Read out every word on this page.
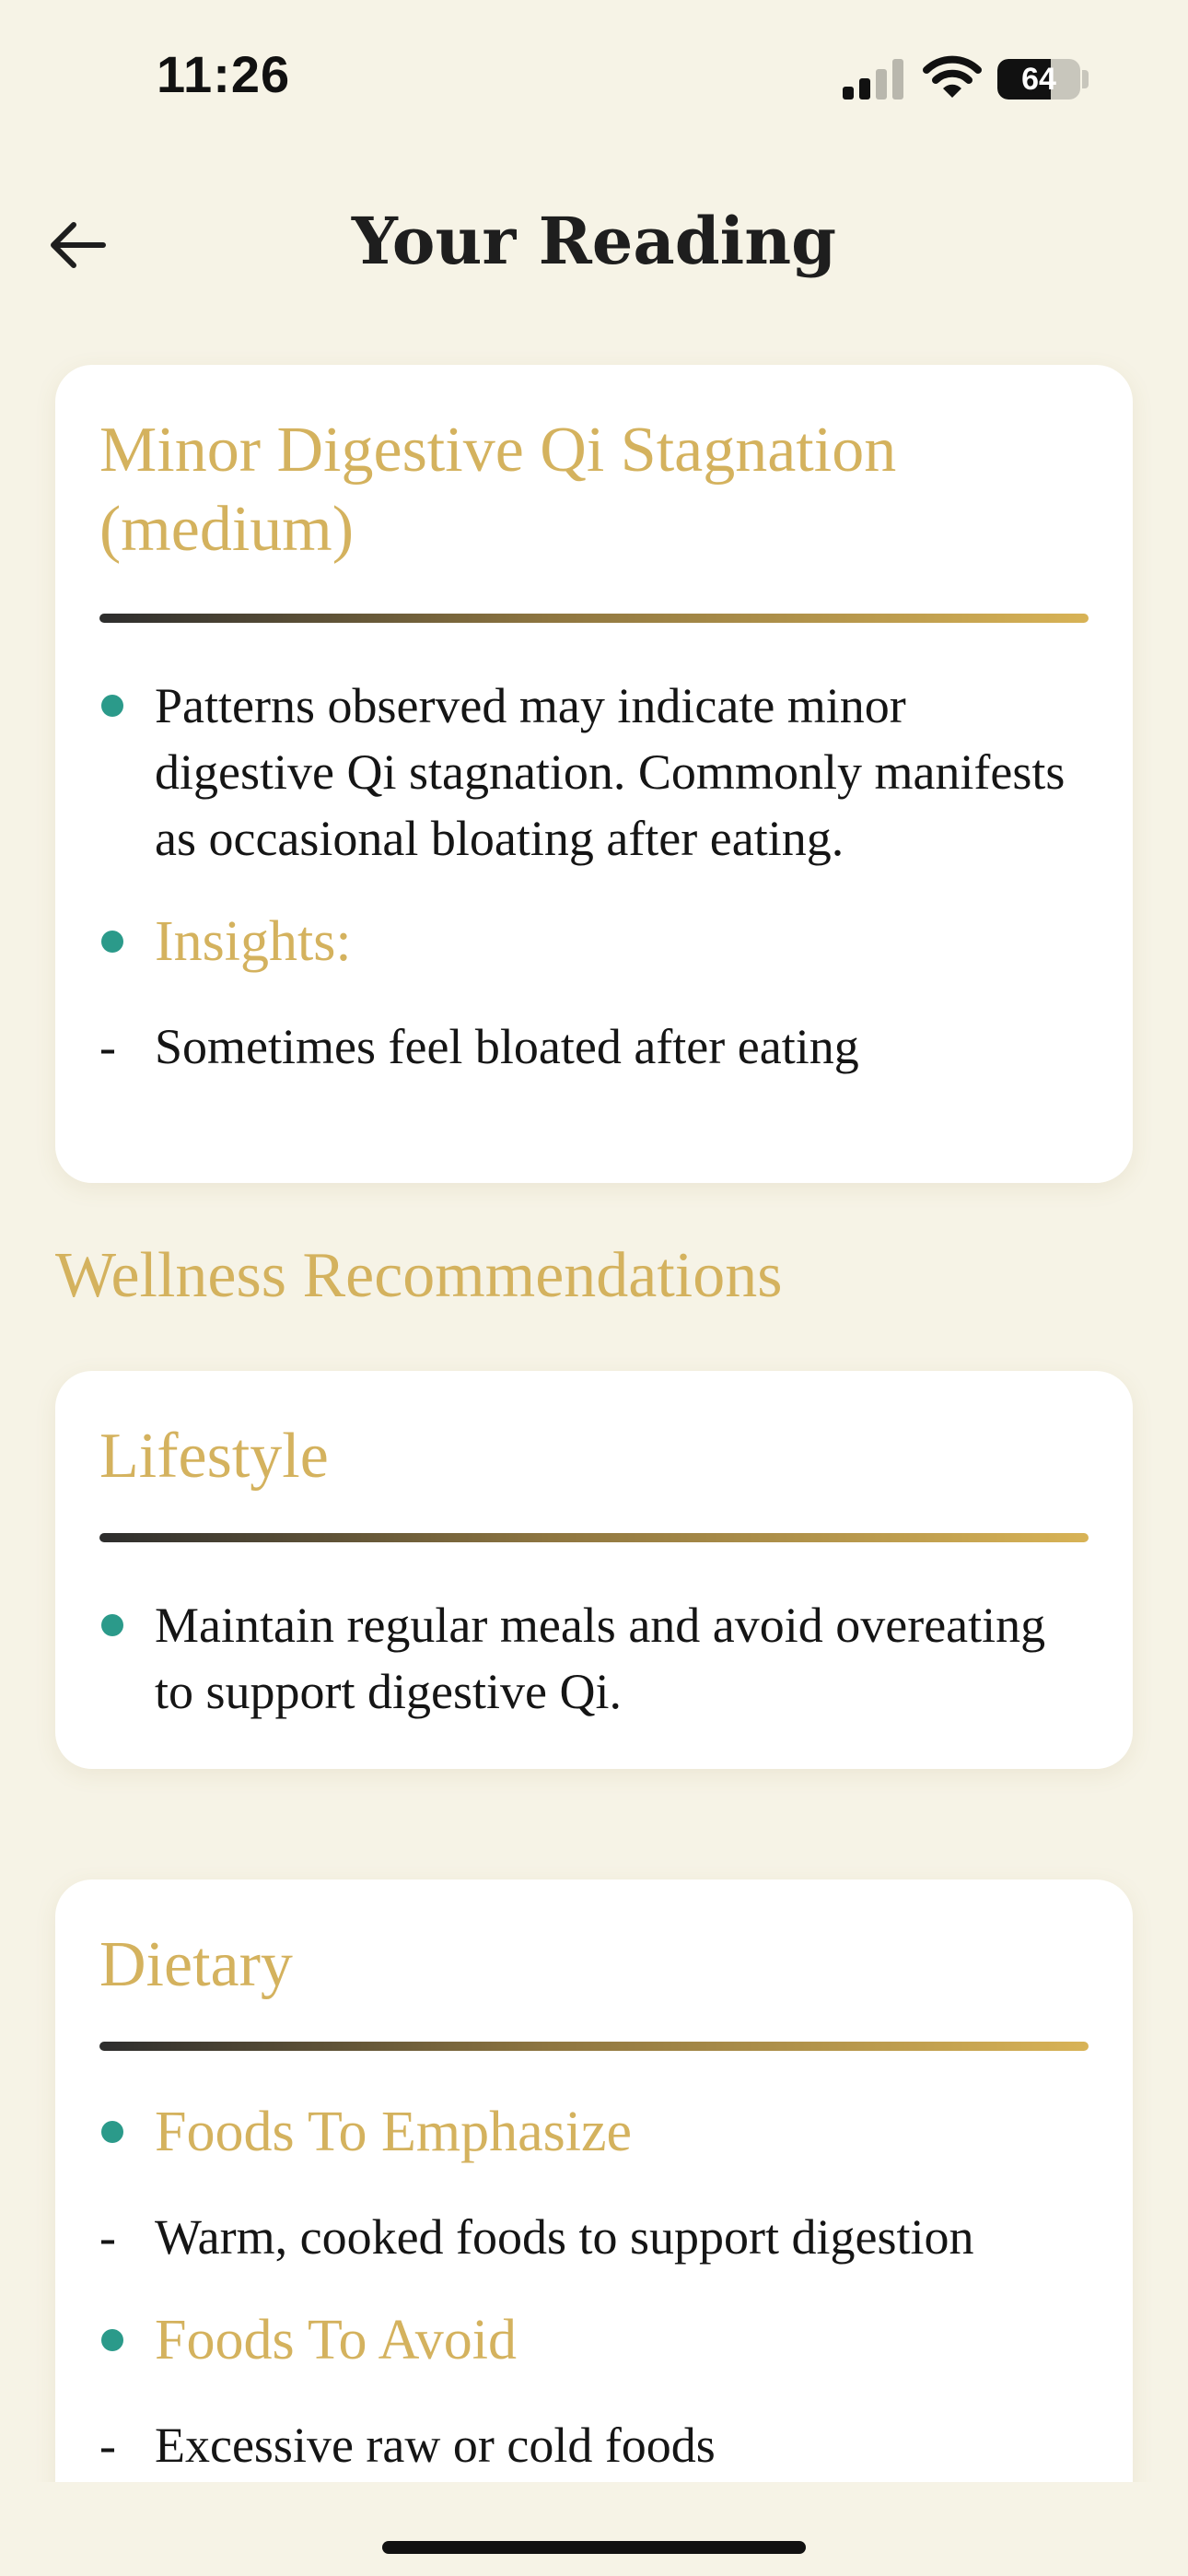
11:26	64
Your Reading
Minor Digestive Qi Stagnation (medium)
Patterns observed may indicate minor digestive Qi stagnation. Commonly manifests as occasional bloating after eating.
Insights:
- Sometimes feel bloated after eating
Wellness Recommendations
Lifestyle
Maintain regular meals and avoid overeating to support digestive Qi.
Dietary
Foods To Emphasize
- Warm, cooked foods to support digestion
Foods To Avoid
- Excessive raw or cold foods
